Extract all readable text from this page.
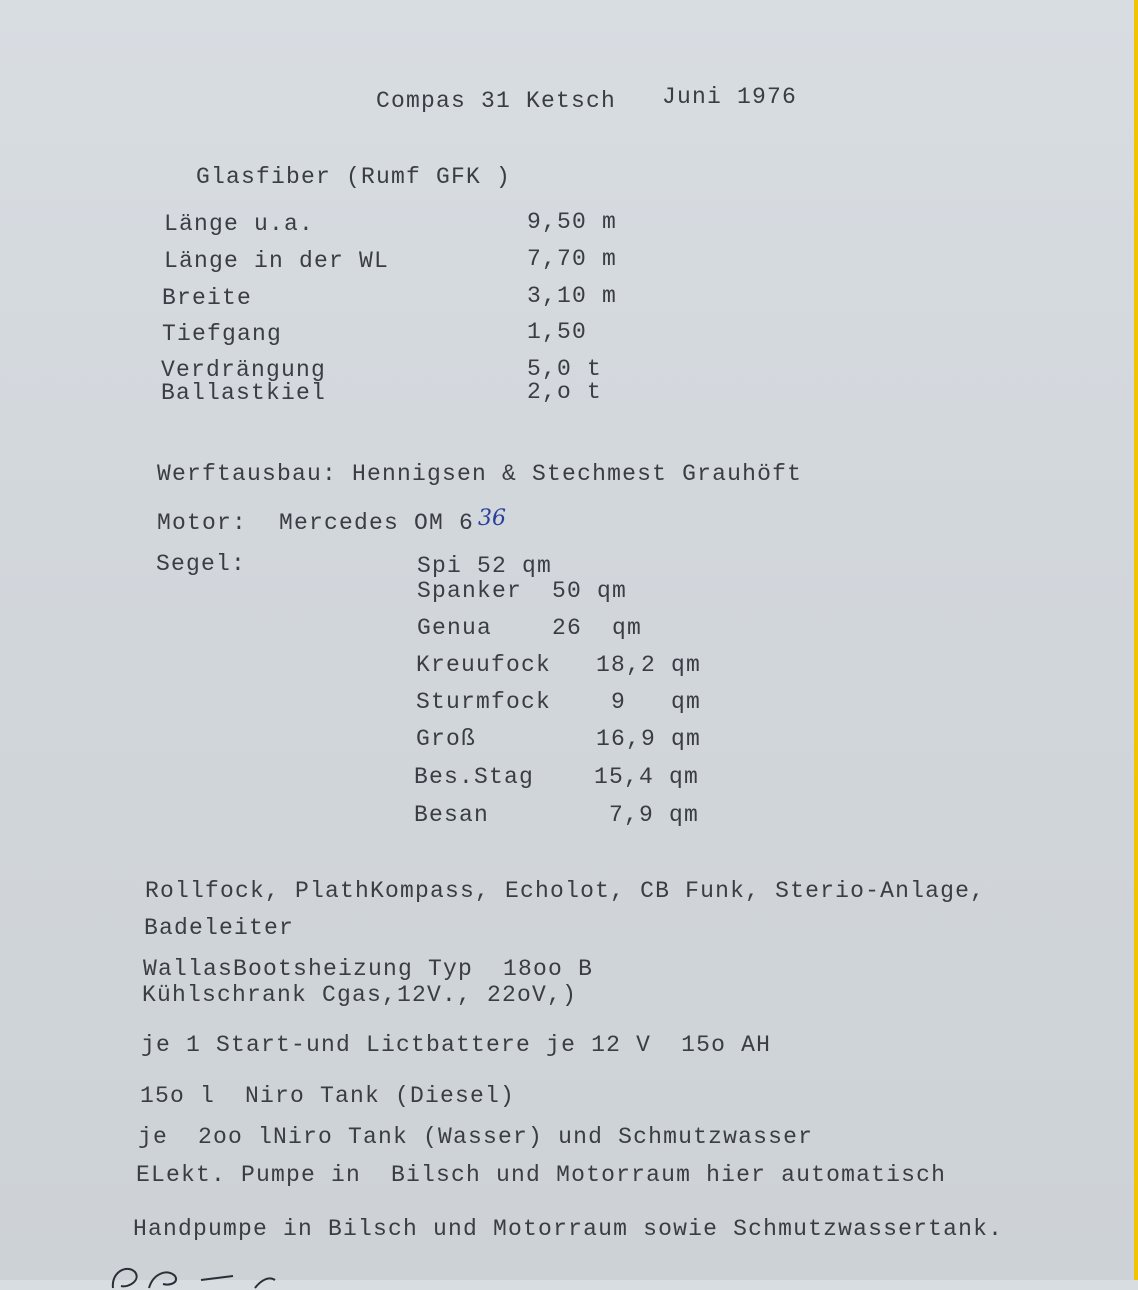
Compas 31 Ketsch Juni 1976
Glasfiber (Rumf GFK )
Länge u.a.	9,50 m
Länge in der WL	7,70 m
Breite	3,10 m
Tiefgang	1,50
Verdrängung	5,0 t
Ballastkiel	2,o t
Werftausbau: Hennigsen & Stechmest Grauhöft
Motor: Mercedes OM 6 36
Segel:	Spi 52 qm
Spanker  50 qm
Genua    26  qm
Kreuufock   18,2 qm
Sturmfock    9   qm
Groß        16,9 qm
Bes.Stag    15,4 qm
Besan        7,9 qm
Rollfock, PlathKompass, Echolot, CB Funk, Sterio-Anlage,
Badeleiter
WallasBootsheizung Typ  18oo B
Kühlschrank Cgas,12V., 22oV,)
je 1 Start-und Lictbattere je 12 V  15o AH
15o l  Niro Tank (Diesel)
je  2oo lNiro Tank (Wasser) und Schmutzwasser
ELekt. Pumpe in  Bilsch und Motorraum hier automatisch
Handpumpe in Bilsch und Motorraum sowie Schmutzwassertank.
